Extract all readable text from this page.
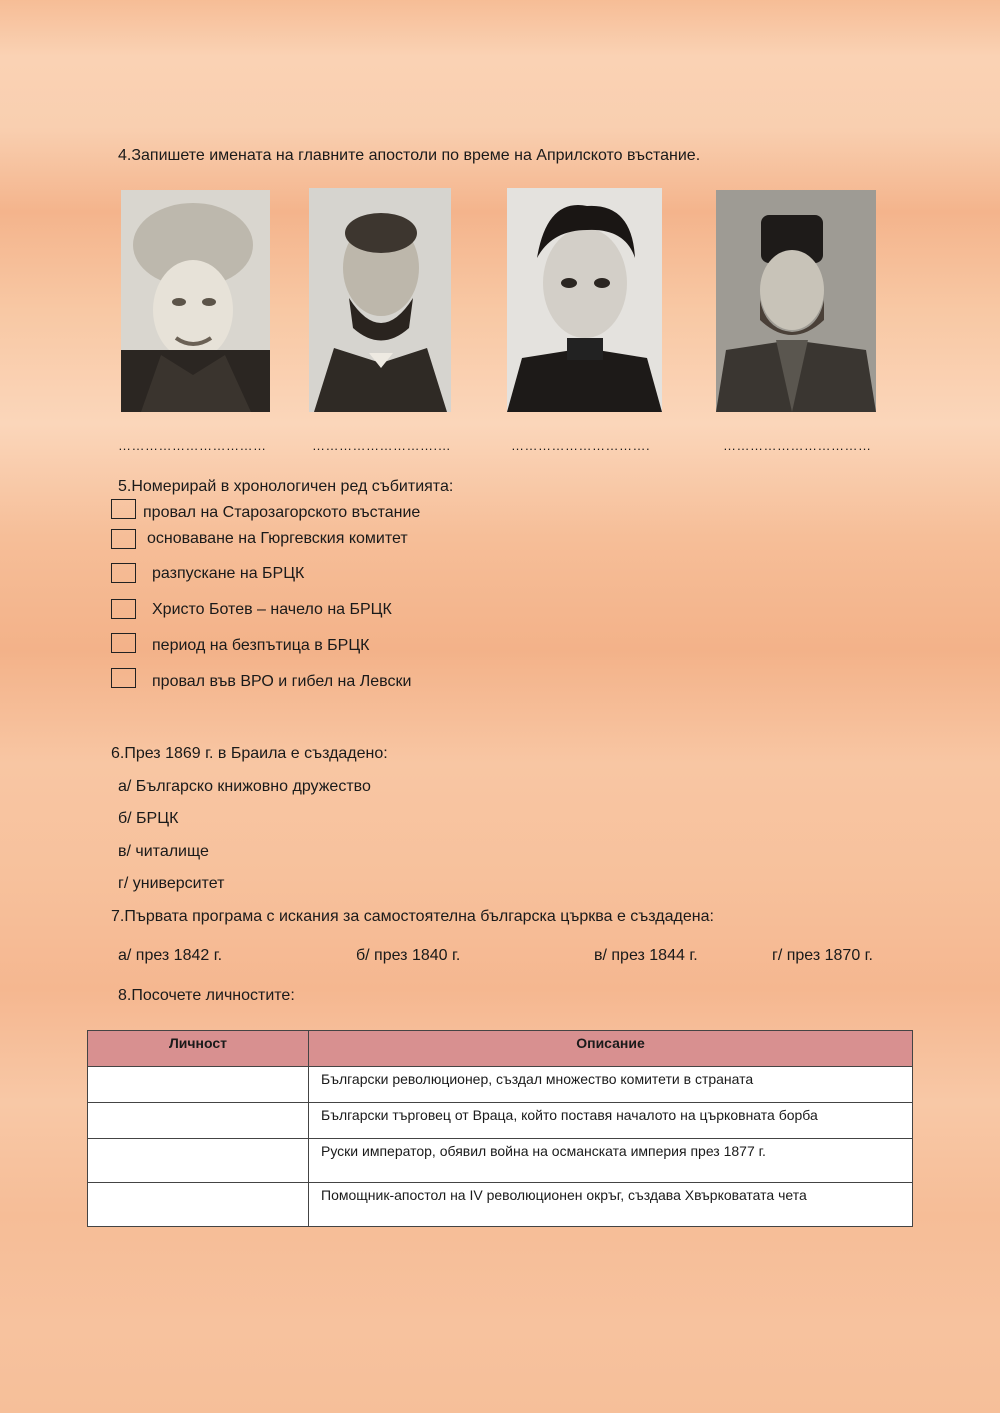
4.Запишете имената на главните апостоли по време на Априлското въстание.
……………………………	……………………….…	………………………….	……………………………
5.Номерирай в хронологичен ред събитията:
провал на Старозагорското въстание
основаване на Гюргевския комитет
разпускане на БРЦК
Христо Ботев – начело на БРЦК
период на безпътица в БРЦК
провал във ВРО и гибел на Левски
6.През 1869 г. в Браила е създадено:
а/ Българско книжовно дружество
б/ БРЦК
в/ читалище
г/ университет
7.Първата програма с искания за самостоятелна българска църква е създадена:
а/ през 1842 г.	б/ през 1840 г.	в/ през 1844 г.	г/ през 1870 г.
8.Посочете личностите:
Личност	Описание
	Български революционер, създал множество комитети в страната
	Български търговец от Враца, който поставя началото на църковната борба
	Руски император, обявил война на османската империя през 1877 г.
	Помощник-апостол на IV революционен окръг, създава Хвърковатата чета
